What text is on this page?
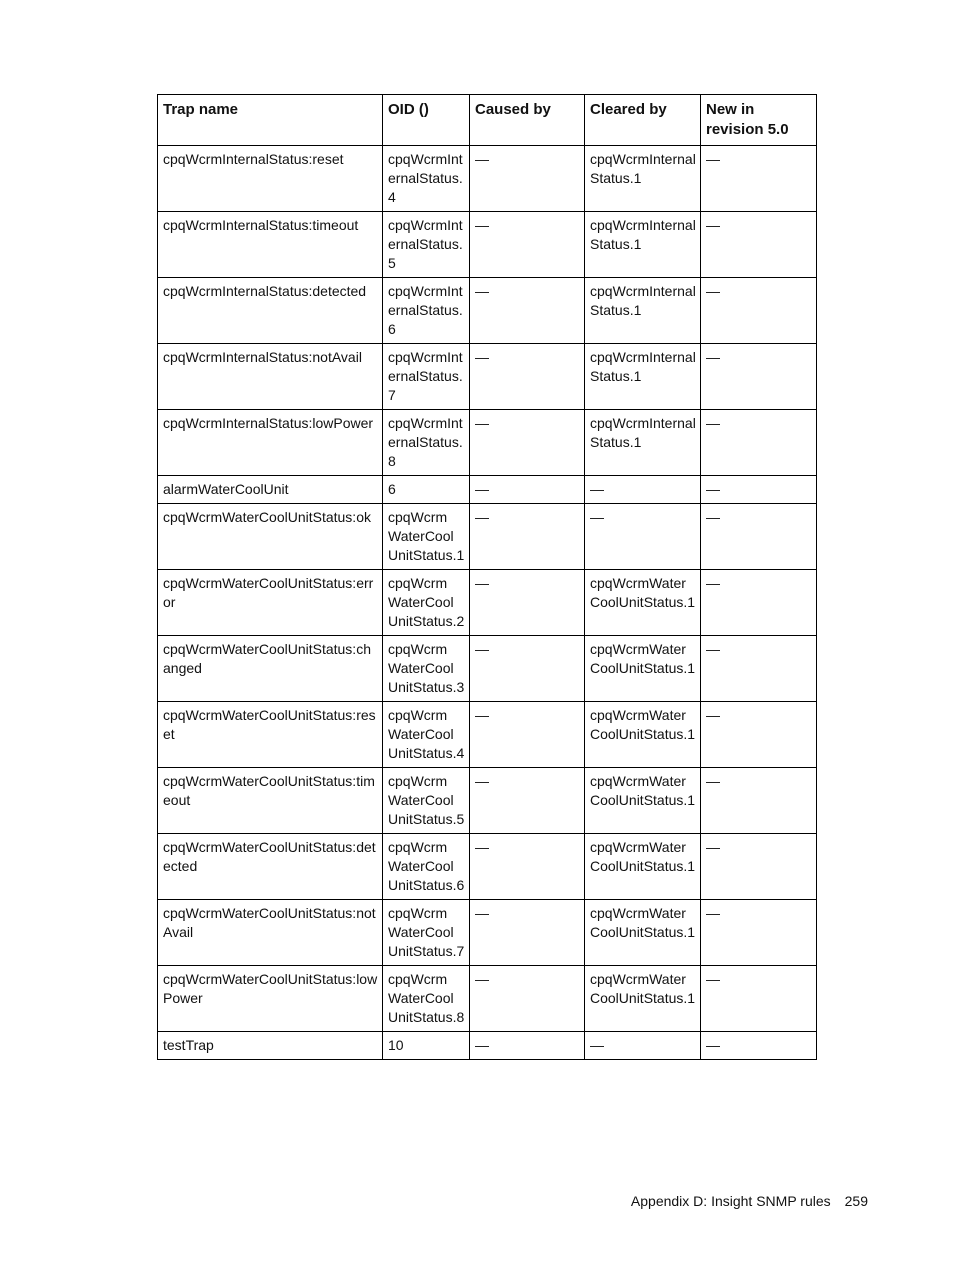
Trap name	OID ()	Caused by	Cleared by	New in revision 5.0
cpqWcrmInternalStatus:reset	cpqWcrmInternalStatus.4	—	cpqWcrmInternalStatus.1	—
cpqWcrmInternalStatus:timeout	cpqWcrmInternalStatus.5	—	cpqWcrmInternalStatus.1	—
cpqWcrmInternalStatus:detected	cpqWcrmInternalStatus.6	—	cpqWcrmInternalStatus.1	—
cpqWcrmInternalStatus:notAvail	cpqWcrmInternalStatus.7	—	cpqWcrmInternalStatus.1	—
cpqWcrmInternalStatus:lowPower	cpqWcrmInternalStatus.8	—	cpqWcrmInternalStatus.1	—
alarmWaterCoolUnit	6	—	—	—
cpqWcrmWaterCoolUnitStatus:ok	cpqWcrm WaterCool UnitStatus.1	—	—	—
cpqWcrmWaterCoolUnitStatus:error	cpqWcrm WaterCool UnitStatus.2	—	cpqWcrmWater CoolUnitStatus.1	—
cpqWcrmWaterCoolUnitStatus:changed	cpqWcrm WaterCool UnitStatus.3	—	cpqWcrmWater CoolUnitStatus.1	—
cpqWcrmWaterCoolUnitStatus:reset	cpqWcrm WaterCool UnitStatus.4	—	cpqWcrmWater CoolUnitStatus.1	—
cpqWcrmWaterCoolUnitStatus:timeout	cpqWcrm WaterCool UnitStatus.5	—	cpqWcrmWater CoolUnitStatus.1	—
cpqWcrmWaterCoolUnitStatus:detected	cpqWcrm WaterCool UnitStatus.6	—	cpqWcrmWater CoolUnitStatus.1	—
cpqWcrmWaterCoolUnitStatus:notAvail	cpqWcrm WaterCool UnitStatus.7	—	cpqWcrmWater CoolUnitStatus.1	—
cpqWcrmWaterCoolUnitStatus:lowPower	cpqWcrm WaterCool UnitStatus.8	—	cpqWcrmWater CoolUnitStatus.1	—
testTrap	10	—	—	—
Appendix D: Insight SNMP rules 259
